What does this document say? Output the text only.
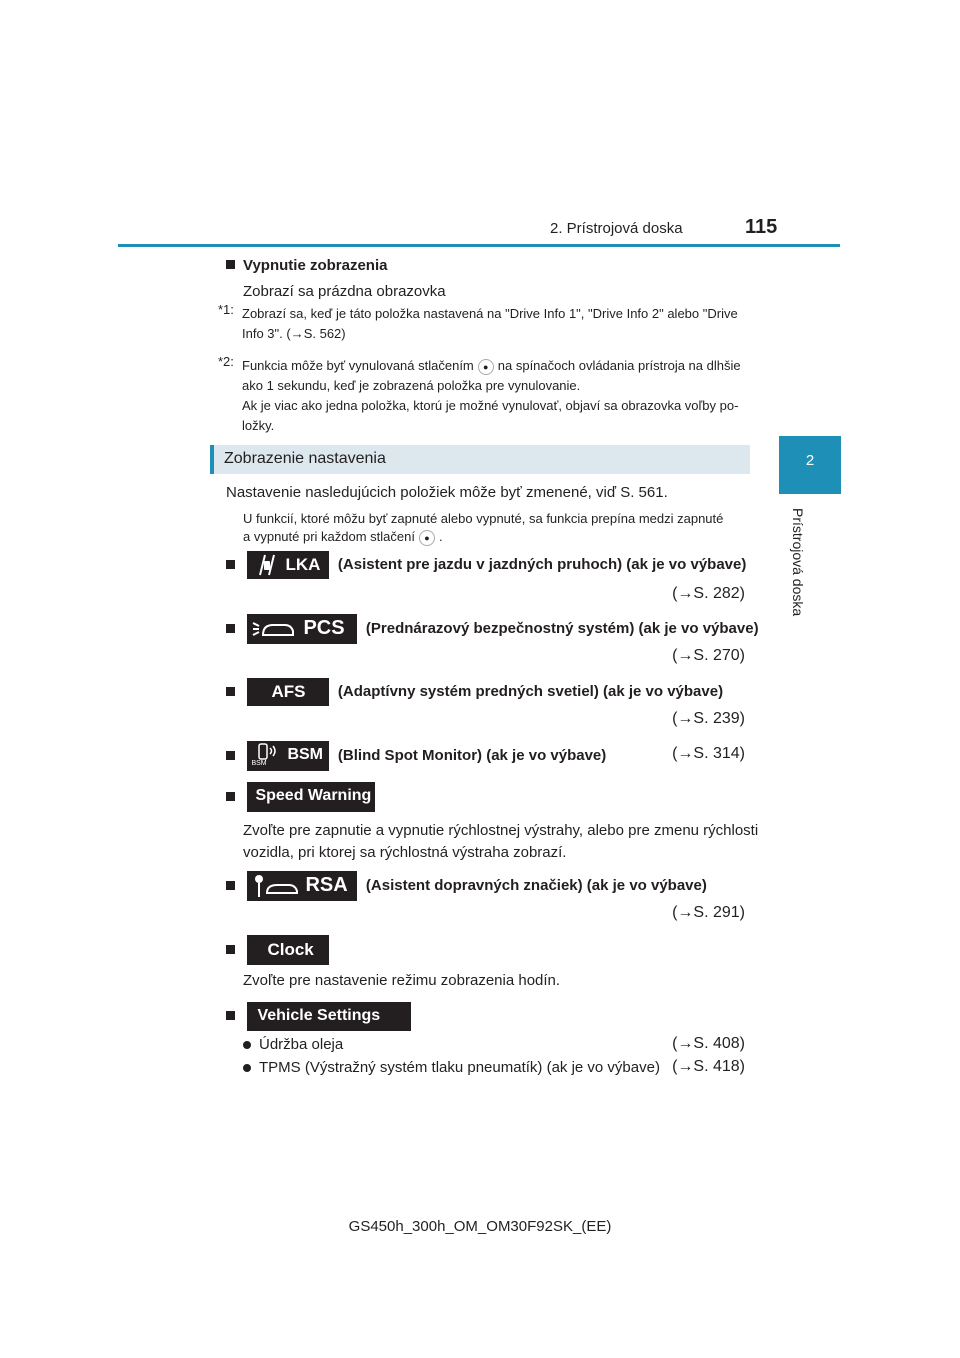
2. Prístrojová doska	115
2
Prístrojová doska
Vypnutie zobrazenia
Zobrazí sa prázdna obrazovka
*1: Zobrazí sa, keď je táto položka nastavená na "Drive Info 1", "Drive Info 2" alebo "Drive
Info 3". (→S. 562)
*2: Funkcia môže byť vynulovaná stlačením ● na spínačoch ovládania prístroja na dlhšie
ako 1 sekundu, keď je zobrazená položka pre vynulovanie.
Ak je viac ako jedna položka, ktorú je možné vynulovať, objaví sa obrazovka voľby po-
ložky.
Zobrazenie nastavenia
Nastavenie nasledujúcich položiek môže byť zmenené, viď S. 561.
U funkcií, ktoré môžu byť zapnuté alebo vypnuté, sa funkcia prepína medzi zapnuté
a vypnuté pri každom stlačení ● .

LKA (Asistent pre jazdu v jazdných pruhoch) (ak je vo výbave)
(→S. 282)

PCS (Prednárazový bezpečnostný systém) (ak je vo výbave)
(→S. 270)

AFS (Adaptívny systém predných svetiel) (ak je vo výbave)
(→S. 239)

BSM
BSM (Blind Spot Monitor) (ak je vo výbave)	(→S. 314)

Speed Warning
Zvoľte pre zapnutie a vypnutie rýchlostnej výstrahy, alebo pre zmenu rýchlosti
vozidla, pri ktorej sa rýchlostná výstraha zobrazí.

RSA (Asistent dopravných značiek) (ak je vo výbave)
(→S. 291)

Clock
Zvoľte pre nastavenie režimu zobrazenia hodín.

Vehicle Settings
Údržba oleja	(→S. 408)
TPMS (Výstražný systém tlaku pneumatík) (ak je vo výbave) (→S. 418)
GS450h_300h_OM_OM30F92SK_(EE)
